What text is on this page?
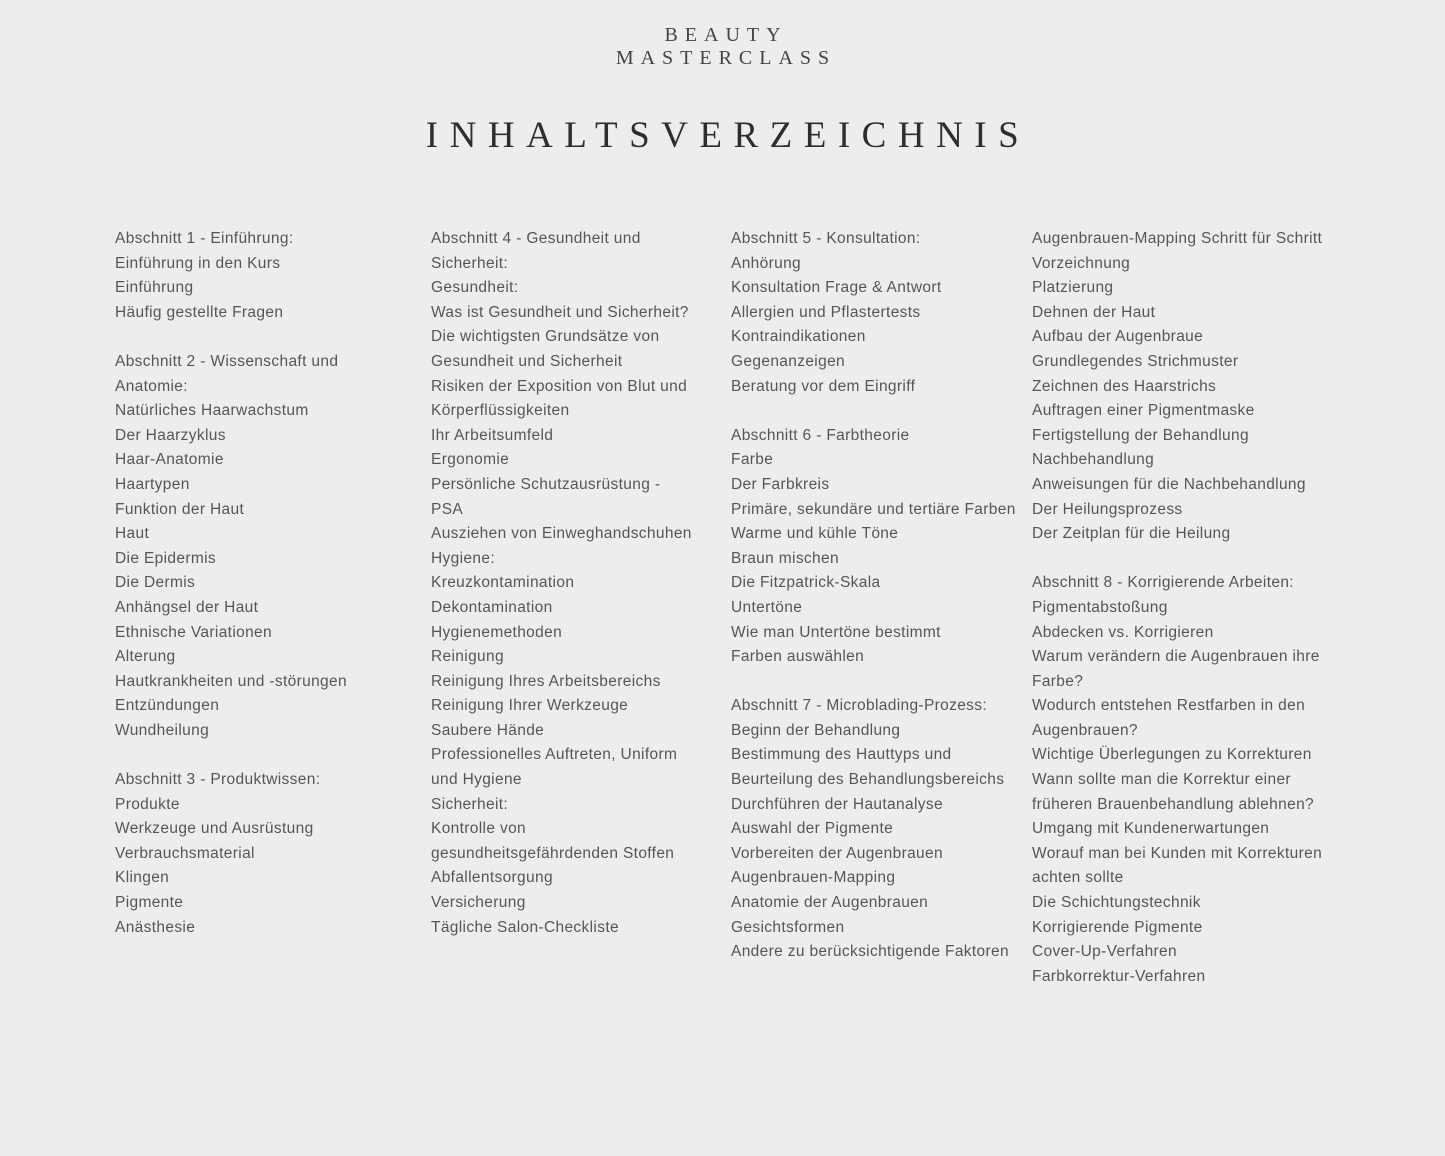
BEAUTY
MASTERCLASS
INHALTSVERZEICHNIS
Abschnitt 1 - Einführung:
Einführung in den Kurs
Einführung
Häufig gestellte Fragen
Abschnitt 2 - Wissenschaft und
Anatomie:
Natürliches Haarwachstum
Der Haarzyklus
Haar-Anatomie
Haartypen
Funktion der Haut
Haut
Die Epidermis
Die Dermis
Anhängsel der Haut
Ethnische Variationen
Alterung
Hautkrankheiten und -störungen
Entzündungen
Wundheilung
Abschnitt 3 - Produktwissen:
Produkte
Werkzeuge und Ausrüstung
Verbrauchsmaterial
Klingen
Pigmente
Anästhesie
Abschnitt 4 - Gesundheit und
Sicherheit:
Gesundheit:
Was ist Gesundheit und Sicherheit?
Die wichtigsten Grundsätze von
Gesundheit und Sicherheit
Risiken der Exposition von Blut und
Körperflüssigkeiten
Ihr Arbeitsumfeld
Ergonomie
Persönliche Schutzausrüstung -
PSA
Ausziehen von Einweghandschuhen
Hygiene:
Kreuzkontamination
Dekontamination
Hygienemethoden
Reinigung
Reinigung Ihres Arbeitsbereichs
Reinigung Ihrer Werkzeuge
Saubere Hände
Professionelles Auftreten, Uniform
und Hygiene
Sicherheit:
Kontrolle von
gesundheitsgefährdenden Stoffen
Abfallentsorgung
Versicherung
Tägliche Salon-Checkliste
Abschnitt 5 - Konsultation:
Anhörung
Konsultation Frage & Antwort
Allergien und Pflastertests
Kontraindikationen
Gegenanzeigen
Beratung vor dem Eingriff
Abschnitt 6 - Farbtheorie
Farbe
Der Farbkreis
Primäre, sekundäre und tertiäre Farben
Warme und kühle Töne
Braun mischen
Die Fitzpatrick-Skala
Untertöne
Wie man Untertöne bestimmt
Farben auswählen
Abschnitt 7 - Microblading-Prozess:
Beginn der Behandlung
Bestimmung des Hauttyps und
Beurteilung des Behandlungsbereichs
Durchführen der Hautanalyse
Auswahl der Pigmente
Vorbereiten der Augenbrauen
Augenbrauen-Mapping
Anatomie der Augenbrauen
Gesichtsformen
Andere zu berücksichtigende Faktoren
Augenbrauen-Mapping Schritt für Schritt
Vorzeichnung
Platzierung
Dehnen der Haut
Aufbau der Augenbraue
Grundlegendes Strichmuster
Zeichnen des Haarstrichs
Auftragen einer Pigmentmaske
Fertigstellung der Behandlung
Nachbehandlung
Anweisungen für die Nachbehandlung
Der Heilungsprozess
Der Zeitplan für die Heilung
Abschnitt 8 - Korrigierende Arbeiten:
Pigmentabstoßung
Abdecken vs. Korrigieren
Warum verändern die Augenbrauen ihre
Farbe?
Wodurch entstehen Restfarben in den
Augenbrauen?
Wichtige Überlegungen zu Korrekturen
Wann sollte man die Korrektur einer
früheren Brauenbehandlung ablehnen?
Umgang mit Kundenerwartungen
Worauf man bei Kunden mit Korrekturen
achten sollte
Die Schichtungstechnik
Korrigierende Pigmente
Cover-Up-Verfahren
Farbkorrektur-Verfahren
